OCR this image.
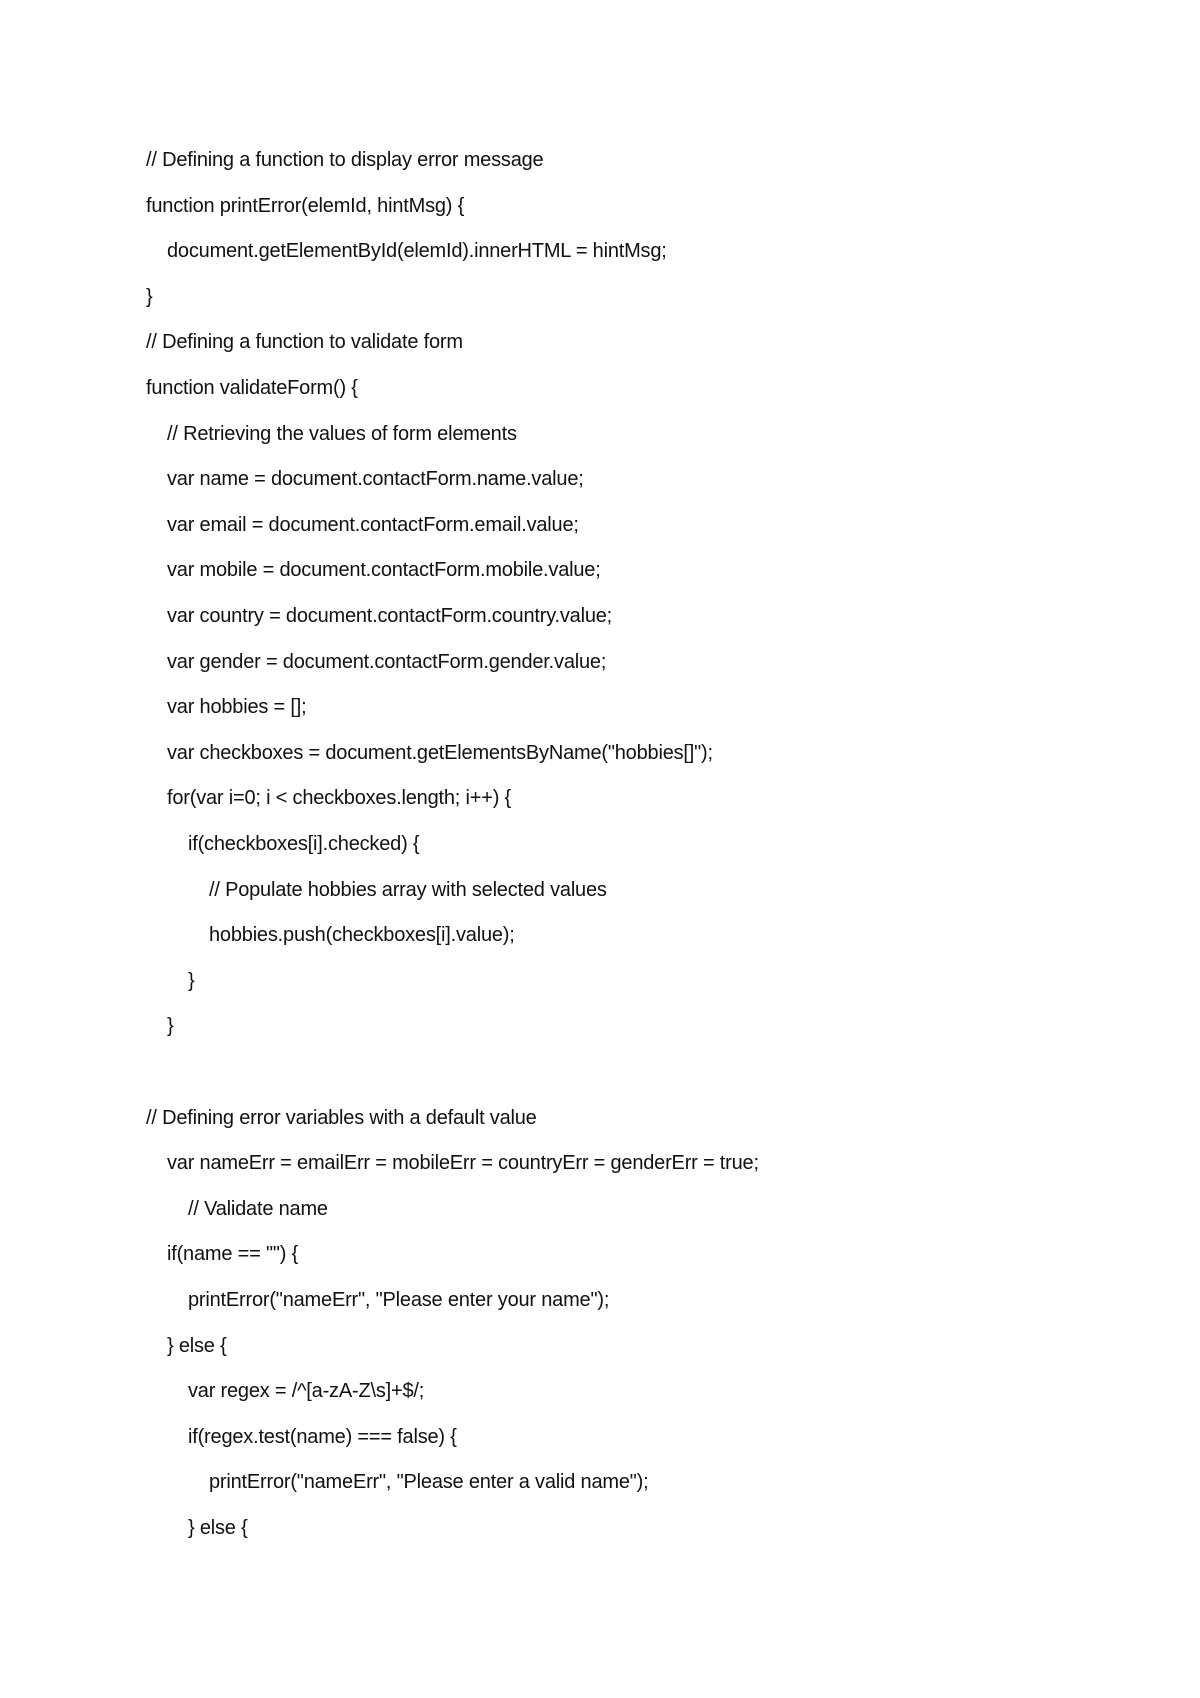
// Defining a function to display error message

function printError(elemId, hintMsg) {

document.getElementById(elemId).innerHTML = hintMsg;

}

// Defining a function to validate form

function validateForm() {

// Retrieving the values of form elements

var name = document.contactForm.name.value;

var email = document.contactForm.email.value;

var mobile = document.contactForm.mobile.value;

var country = document.contactForm.country.value;

var gender = document.contactForm.gender.value;

var hobbies = [];

var checkboxes = document.getElementsByName("hobbies[]");

for(var i=0; i < checkboxes.length; i++) {

if(checkboxes[i].checked) {

// Populate hobbies array with selected values

hobbies.push(checkboxes[i].value);

}

}

// Defining error variables with a default value

var nameErr = emailErr = mobileErr = countryErr = genderErr = true;

// Validate name

if(name == "") {

printError("nameErr", "Please enter your name");

} else {

var regex = /^[a-zA-Z\s]+$/;

if(regex.test(name) === false) {

printError("nameErr", "Please enter a valid name");

} else {
